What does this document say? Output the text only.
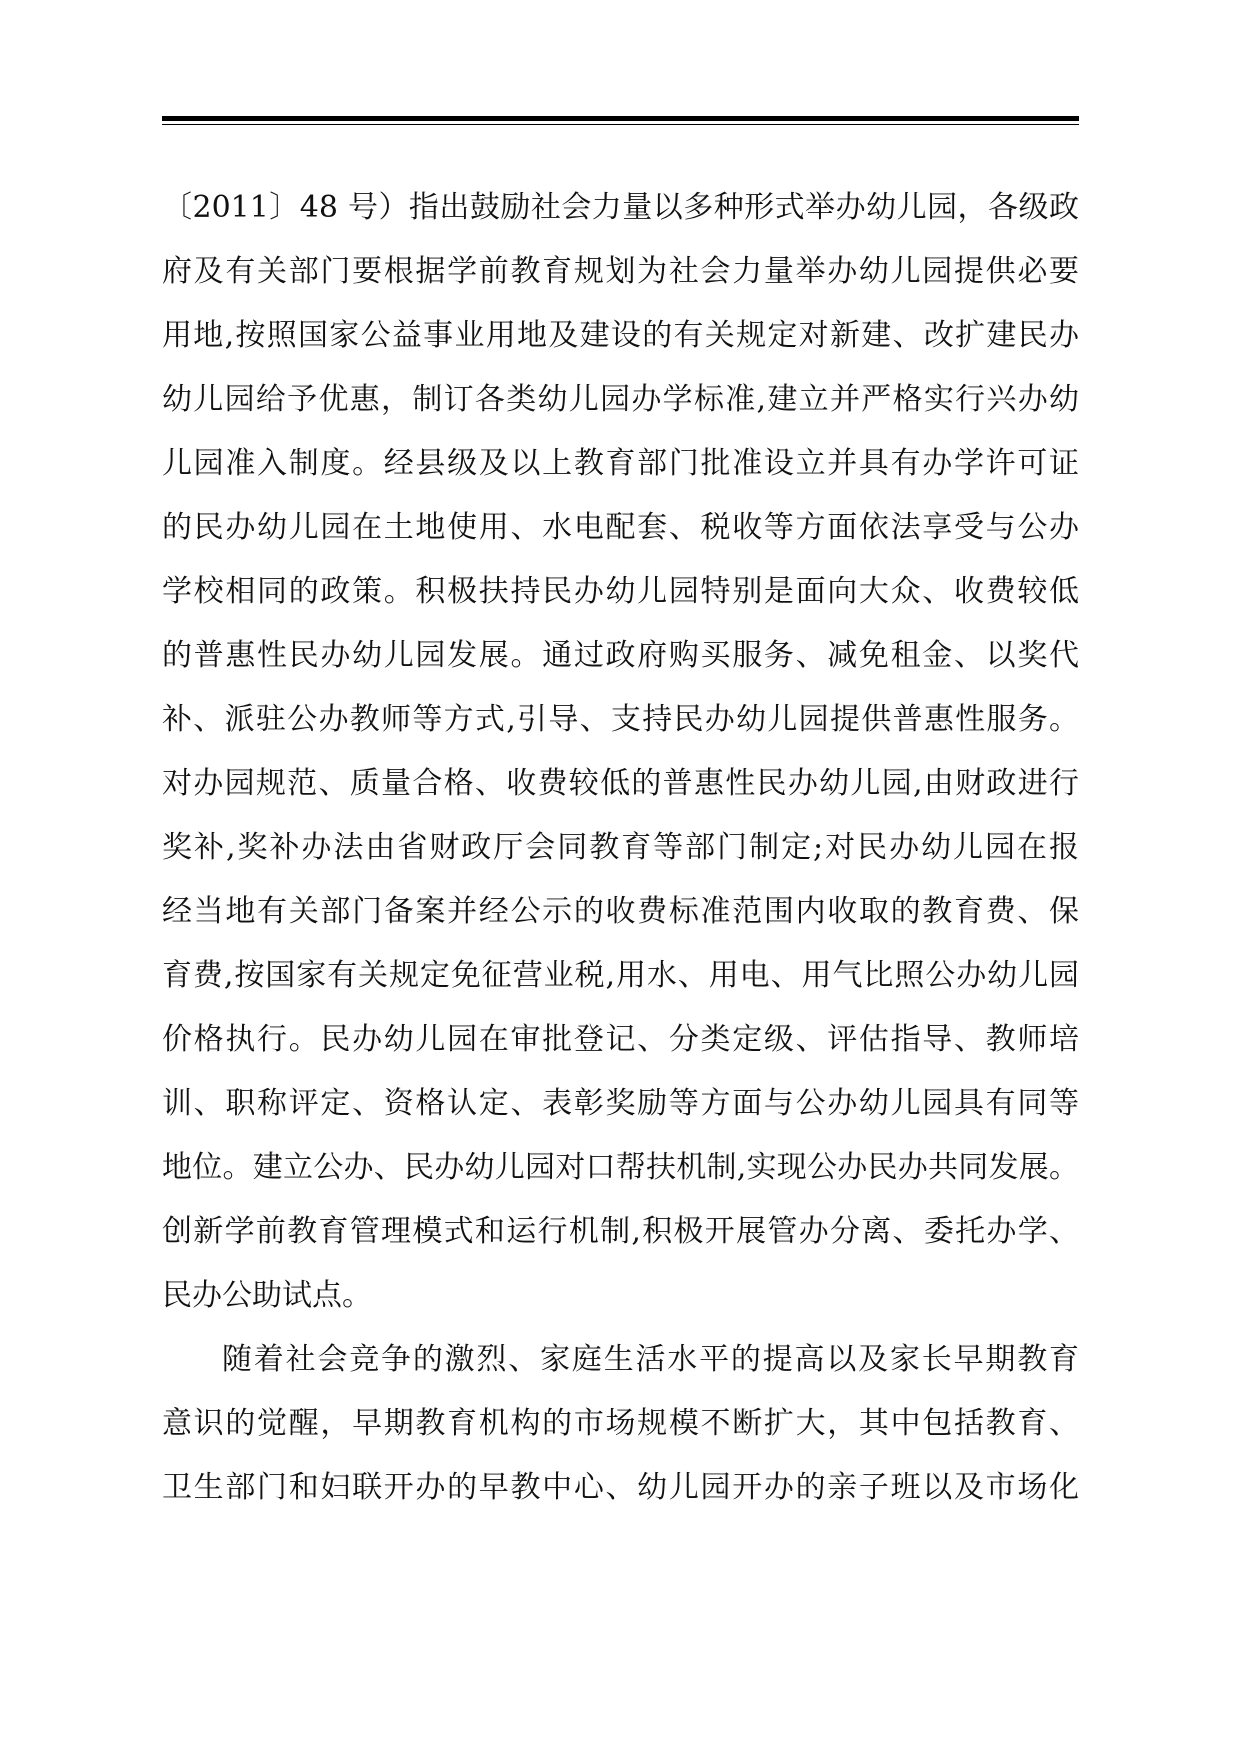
〔2011〕48 号）指出鼓励社会力量以多种形式举办幼儿园，各级政
府及有关部门要根据学前教育规划为社会力量举办幼儿园提供必要
用地,按照国家公益事业用地及建设的有关规定对新建、改扩建民办
幼儿园给予优惠，制订各类幼儿园办学标准,建立并严格实行兴办幼
儿园准入制度。经县级及以上教育部门批准设立并具有办学许可证
的民办幼儿园在土地使用、水电配套、税收等方面依法享受与公办
学校相同的政策。积极扶持民办幼儿园特别是面向大众、收费较低
的普惠性民办幼儿园发展。通过政府购买服务、减免租金、以奖代
补、派驻公办教师等方式,引导、支持民办幼儿园提供普惠性服务。
对办园规范、质量合格、收费较低的普惠性民办幼儿园,由财政进行
奖补,奖补办法由省财政厅会同教育等部门制定;对民办幼儿园在报
经当地有关部门备案并经公示的收费标准范围内收取的教育费、保
育费,按国家有关规定免征营业税,用水、用电、用气比照公办幼儿园
价格执行。民办幼儿园在审批登记、分类定级、评估指导、教师培
训、职称评定、资格认定、表彰奖励等方面与公办幼儿园具有同等
地位。建立公办、民办幼儿园对口帮扶机制,实现公办民办共同发展。
创新学前教育管理模式和运行机制,积极开展管办分离、委托办学、
民办公助试点。
随着社会竞争的激烈、家庭生活水平的提高以及家长早期教育
意识的觉醒，早期教育机构的市场规模不断扩大，其中包括教育、
卫生部门和妇联开办的早教中心、幼儿园开办的亲子班以及市场化
